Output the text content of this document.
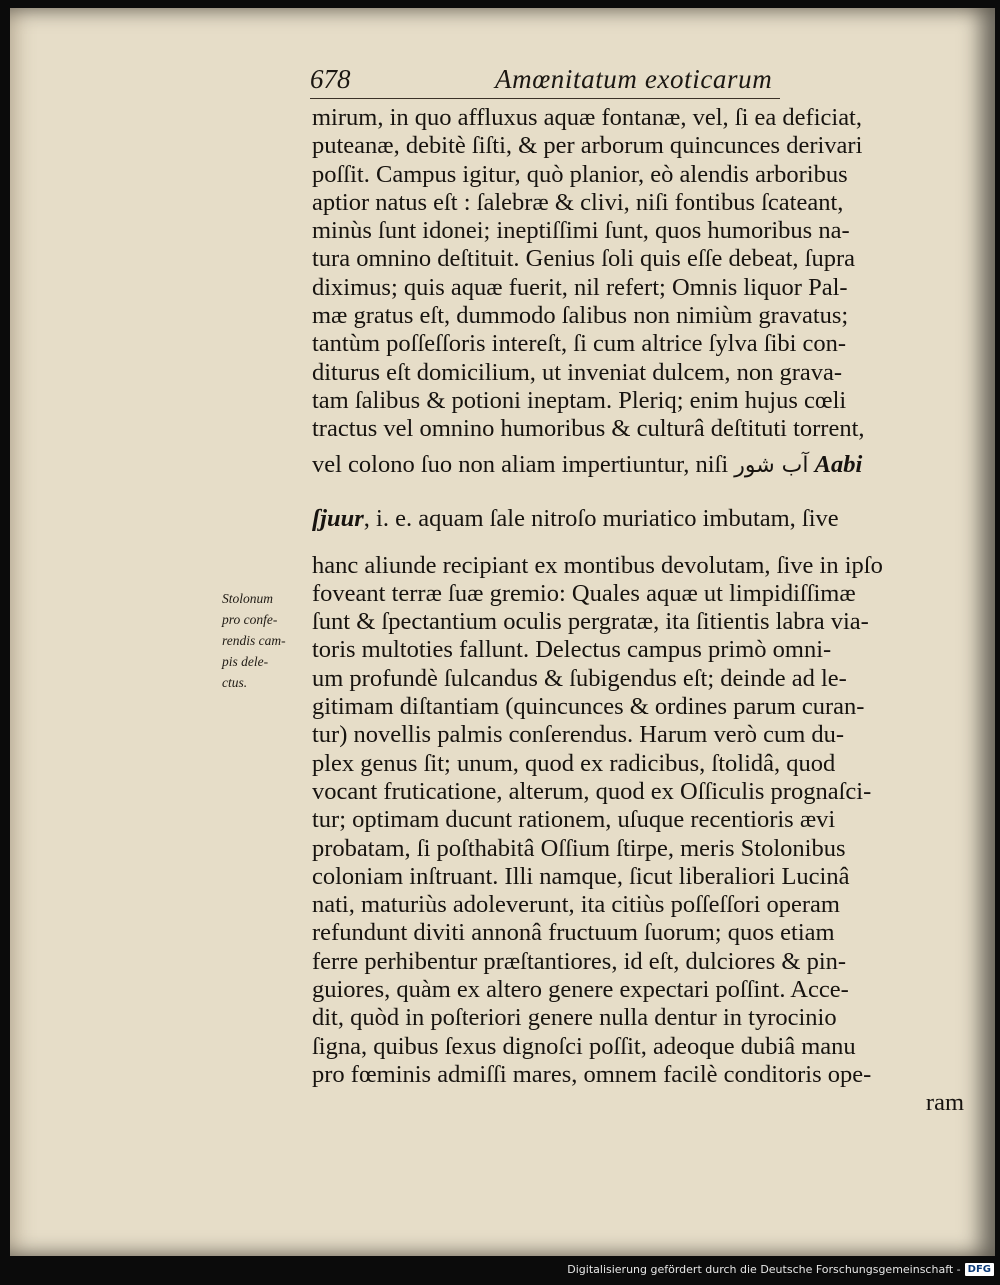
678	Amœnitatum exoticarum
Stolonum
pro confe-
rendis cam-
pis dele-
ctus.
mirum, in quo affluxus aquæ fontanæ, vel, ſi ea deficiat,
puteanæ, debitè ſiſti, & per arborum quincunces derivari
poſſit. Campus igitur, quò planior, eò alendis arboribus
aptior natus eſt : ſalebræ & clivi, niſi fontibus ſcateant,
minùs ſunt idonei; ineptiſſimi ſunt, quos humoribus na-
tura omnino deſtituit. Genius ſoli quis eſſe debeat, ſupra
diximus; quis aquæ fuerit, nil refert; Omnis liquor Pal-
mæ gratus eſt, dummodo ſalibus non nimiùm gravatus;
tantùm poſſeſſoris intereſt, ſi cum altrice ſylva ſibi con-
diturus eſt domicilium, ut inveniat dulcem, non grava-
tam ſalibus & potioni ineptam. Pleriq; enim hujus cœli
tractus vel omnino humoribus & culturâ deſtituti torrent,
vel colono ſuo non aliam impertiuntur, niſi آب شور Aabi
ſjuur, i. e. aquam ſale nitroſo muriatico imbutam, ſive
hanc aliunde recipiant ex montibus devolutam, ſive in ipſo
foveant terræ ſuæ gremio: Quales aquæ ut limpidiſſimæ
ſunt & ſpectantium oculis pergratæ, ita ſitientis labra via-
toris multoties fallunt. Delectus campus primò omni-
um profundè ſulcandus & ſubigendus eſt; deinde ad le-
gitimam diſtantiam (quincunces & ordines parum curan-
tur) novellis palmis conſerendus. Harum verò cum du-
plex genus ſit; unum, quod ex radicibus, ſtolidâ, quod
vocant fruticatione, alterum, quod ex Oſſiculis prognaſci-
tur; optimam ducunt rationem, uſuque recentioris ævi
probatam, ſi poſthabitâ Oſſium ſtirpe, meris Stolonibus
coloniam inſtruant. Illi namque, ſicut liberaliori Lucinâ
nati, maturiùs adoleverunt, ita citiùs poſſeſſori operam
refundunt diviti annonâ fructuum ſuorum; quos etiam
ferre perhibentur præſtantiores, id eſt, dulciores & pin-
guiores, quàm ex altero genere expectari poſſint. Acce-
dit, quòd in poſteriori genere nulla dentur in tyrocinio
ſigna, quibus ſexus dignoſci poſſit, adeoque dubiâ manu
pro fœminis admiſſi mares, omnem facilè conditoris ope-
ram
Digitalisierung gefördert durch die Deutsche Forschungsgemeinschaft - DFG
